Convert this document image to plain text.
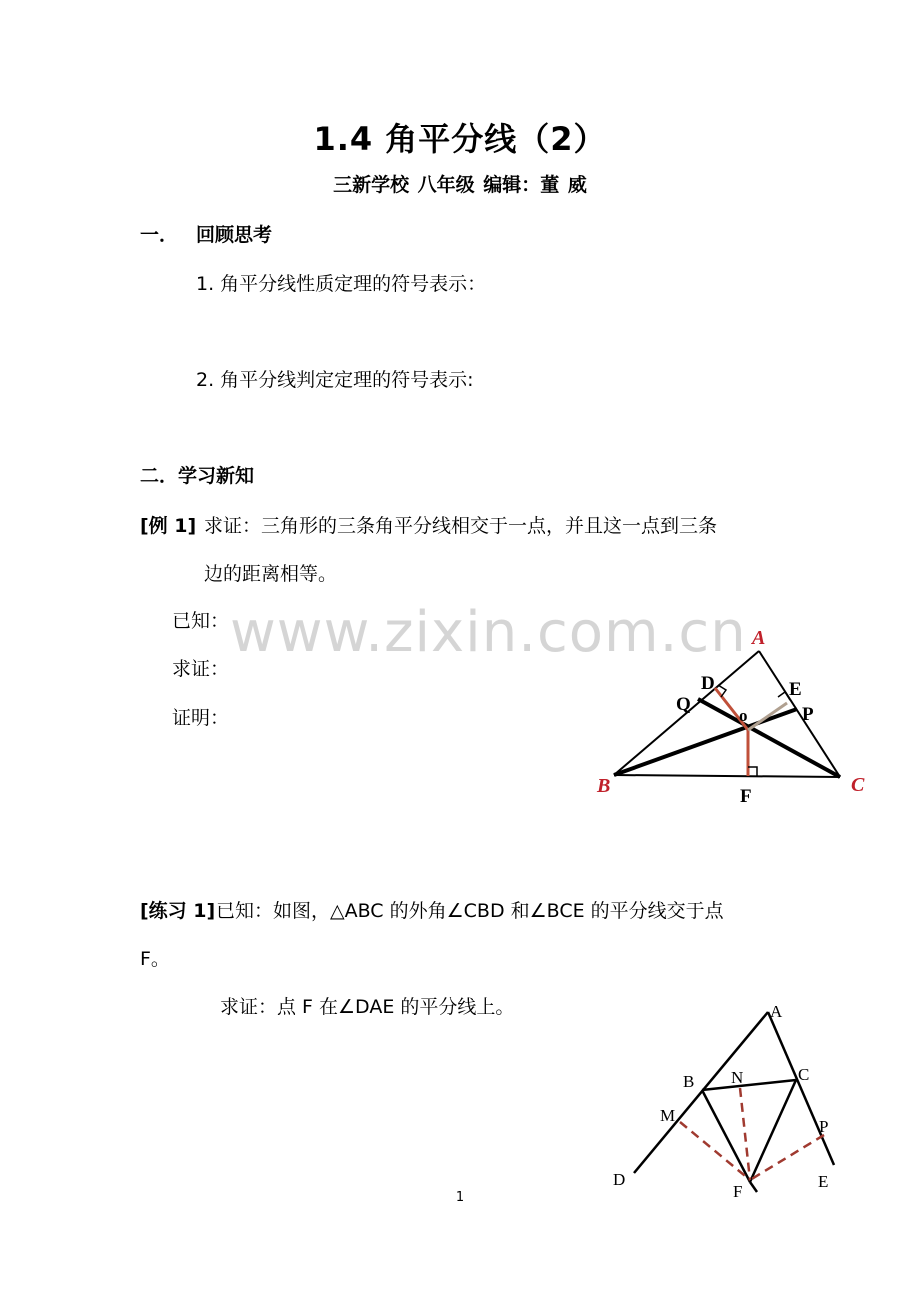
1.4 角平分线（2）
三新学校 八年级 编辑：董 威
一． 回顾思考
1. 角平分线性质定理的符号表示：
2. 角平分线判定定理的符号表示:
二．学习新知
[例 1] 求证：三角形的三条角平分线相交于一点，并且这一点到三条
边的距离相等。
已知：
求证：
证明：
www.zixin.com.cn A
B	C
D	E
F
P
Q
o
A
B	C
D	E
F
M
N
P
[练习 1] 已知：如图，△ABC 的外角∠CBD 和∠BCE 的平分线交于点
F。
求证：点 F 在∠DAE 的平分线上。
1
